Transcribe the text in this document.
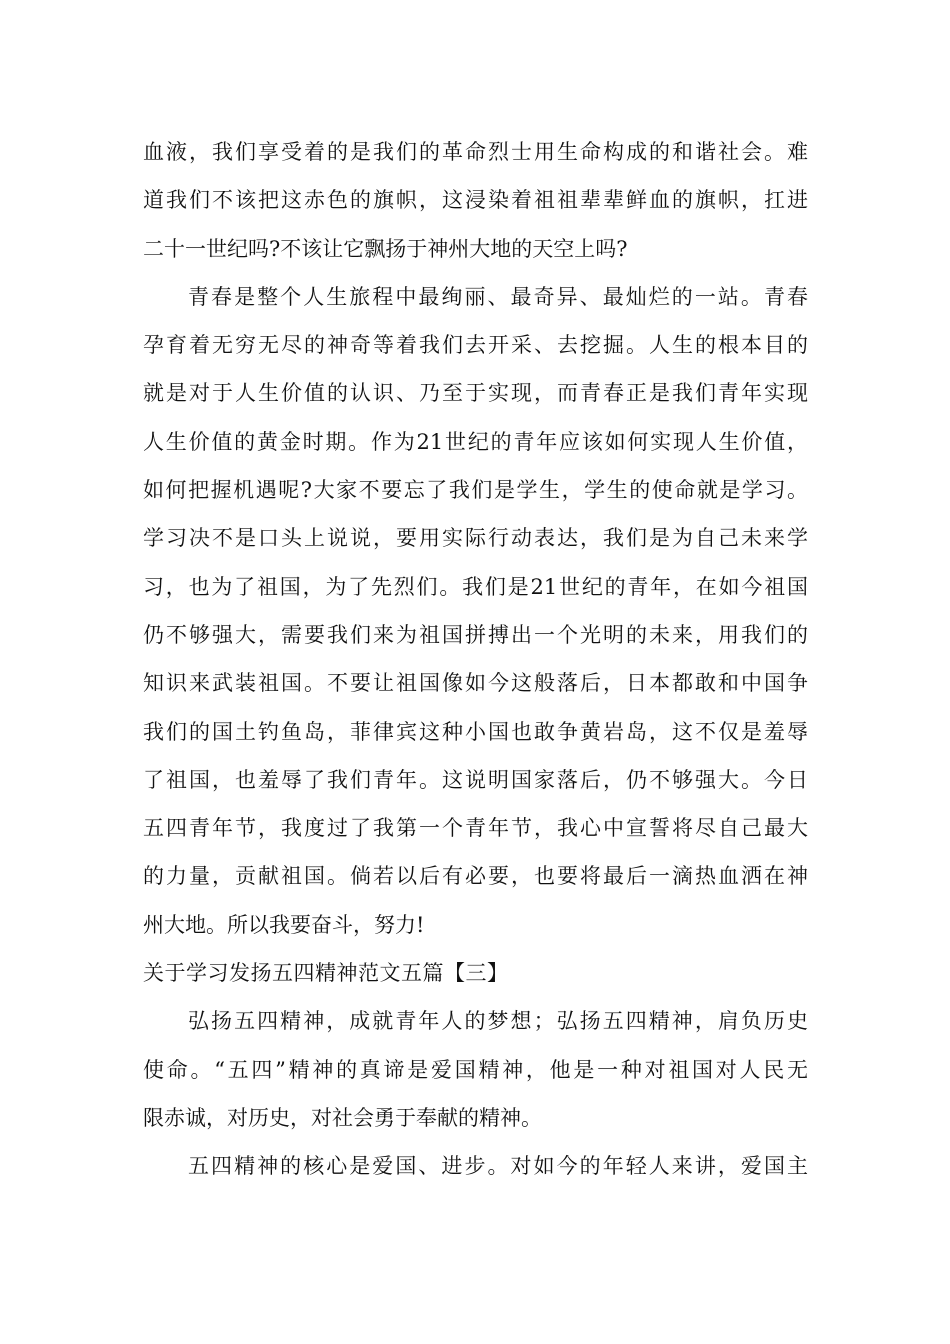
血液，我们享受着的是我们的革命烈士用生命构成的和谐社会。难
道我们不该把这赤色的旗帜，这浸染着祖祖辈辈鲜血的旗帜，扛进
二十一世纪吗?不该让它飘扬于神州大地的天空上吗?
青春是整个人生旅程中最绚丽、最奇异、最灿烂的一站。青春
孕育着无穷无尽的神奇等着我们去开采、去挖掘。人生的根本目的
就是对于人生价值的认识、乃至于实现，而青春正是我们青年实现
人生价值的黄金时期。作为21世纪的青年应该如何实现人生价值，
如何把握机遇呢?大家不要忘了我们是学生，学生的使命就是学习。
学习决不是口头上说说，要用实际行动表达，我们是为自己未来学
习，也为了祖国，为了先烈们。我们是21世纪的青年，在如今祖国
仍不够强大，需要我们来为祖国拼搏出一个光明的未来，用我们的
知识来武装祖国。不要让祖国像如今这般落后，日本都敢和中国争
我们的国土钓鱼岛，菲律宾这种小国也敢争黄岩岛，这不仅是羞辱
了祖国，也羞辱了我们青年。这说明国家落后，仍不够强大。今日
五四青年节，我度过了我第一个青年节，我心中宣誓将尽自己最大
的力量，贡献祖国。倘若以后有必要，也要将最后一滴热血洒在神
州大地。所以我要奋斗，努力!
关于学习发扬五四精神范文五篇【三】
弘扬五四精神，成就青年人的梦想；弘扬五四精神，肩负历史
使命。“五四”精神的真谛是爱国精神，他是一种对祖国对人民无
限赤诚，对历史，对社会勇于奉献的精神。
五四精神的核心是爱国、进步。对如今的年轻人来讲，爱国主
